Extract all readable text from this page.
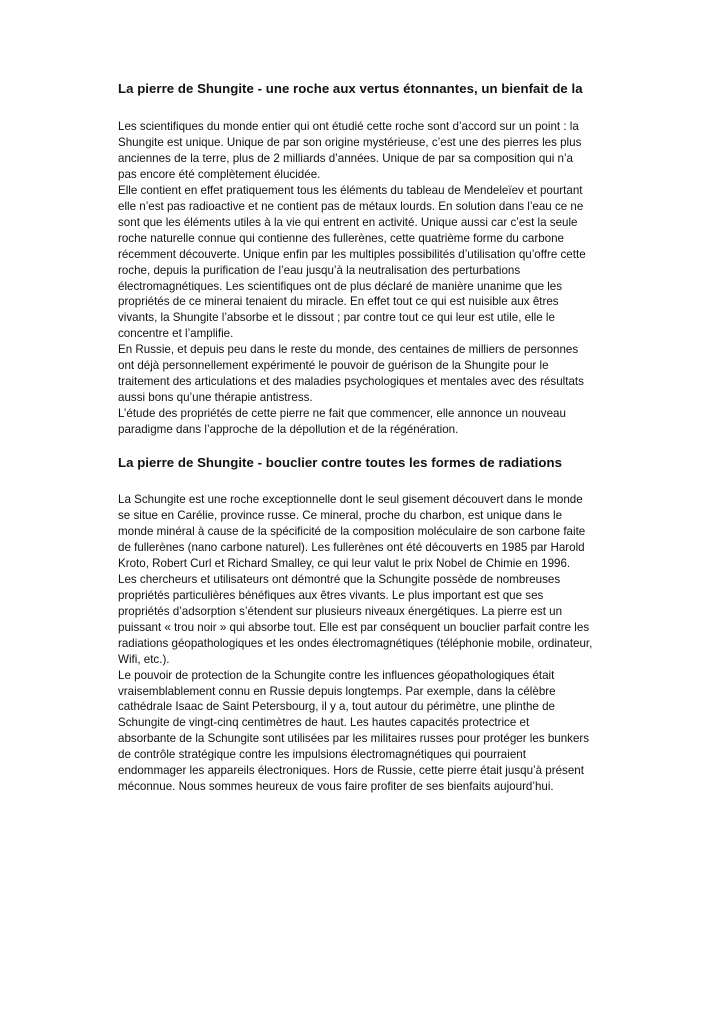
La pierre de Shungite - une roche aux vertus étonnantes, un bienfait de la

Les scientifiques du monde entier qui ont étudié cette roche sont d’accord sur un point : la
Shungite est unique. Unique de par son origine mystérieuse, c’est une des pierres les plus
anciennes de la terre, plus de 2 milliards d’années. Unique de par sa composition qui n’a
pas encore été complètement élucidée.

Elle contient en effet pratiquement tous les éléments du tableau de Mendeleïev et pourtant
elle n’est pas radioactive et ne contient pas de métaux lourds. En solution dans l’eau ce ne
sont que les éléments utiles à la vie qui entrent en activité. Unique aussi car c’est la seule
roche naturelle connue qui contienne des fullerènes, cette quatrième forme du carbone
récemment découverte. Unique enfin par les multiples possibilités d’utilisation qu’offre cette
roche, depuis la purification de l’eau jusqu’à la neutralisation des perturbations
électromagnétiques. Les scientifiques ont de plus déclaré de manière unanime que les
propriétés de ce minerai tenaient du miracle. En effet tout ce qui est nuisible aux êtres
vivants, la Shungite l’absorbe et le dissout ; par contre tout ce qui leur est utile, elle le
concentre et l’amplifie.

En Russie, et depuis peu dans le reste du monde, des centaines de milliers de personnes
ont déjà personnellement expérimenté le pouvoir de guérison de la Shungite pour le
traitement des articulations et des maladies psychologiques et mentales avec des résultats
aussi bons qu’une thérapie antistress.

L’étude des propriétés de cette pierre ne fait que commencer, elle annonce un nouveau
paradigme dans l’approche de la dépollution et de la régénération.

La pierre de Shungite - bouclier contre toutes les formes de radiations

La Schungite est une roche exceptionnelle dont le seul gisement découvert dans le monde
se situe en Carélie, province russe. Ce mineral, proche du charbon, est unique dans le
monde minéral à cause de la spécificité de la composition moléculaire de son carbone faite
de fullerènes (nano carbone naturel). Les fullerènes ont été découverts en 1985 par Harold
Kroto, Robert Curl et Richard Smalley, ce qui leur valut le prix Nobel de Chimie en 1996.

Les chercheurs et utilisateurs ont démontré que la Schungite possède de nombreuses
propriétés particulières bénéfiques aux êtres vivants. Le plus important est que ses
propriétés d’adsorption s’étendent sur plusieurs niveaux énergétiques. La pierre est un
puissant « trou noir » qui absorbe tout. Elle est par conséquent un bouclier parfait contre les
radiations géopathologiques et les ondes électromagnétiques (téléphonie mobile, ordinateur,
Wifi, etc.).

Le pouvoir de protection de la Schungite contre les influences géopathologiques était
vraisemblablement connu en Russie depuis longtemps. Par exemple, dans la célèbre
cathédrale Isaac de Saint Petersbourg, il y a, tout autour du périmètre, une plinthe de
Schungite de vingt-cinq centimètres de haut. Les hautes capacités protectrice et
absorbante de la Schungite sont utilisées par les militaires russes pour protéger les bunkers
de contrôle stratégique contre les impulsions électromagnétiques qui pourraient
endommager les appareils électroniques. Hors de Russie, cette pierre était jusqu’à présent
méconnue. Nous sommes heureux de vous faire profiter de ses bienfaits aujourd’hui.
